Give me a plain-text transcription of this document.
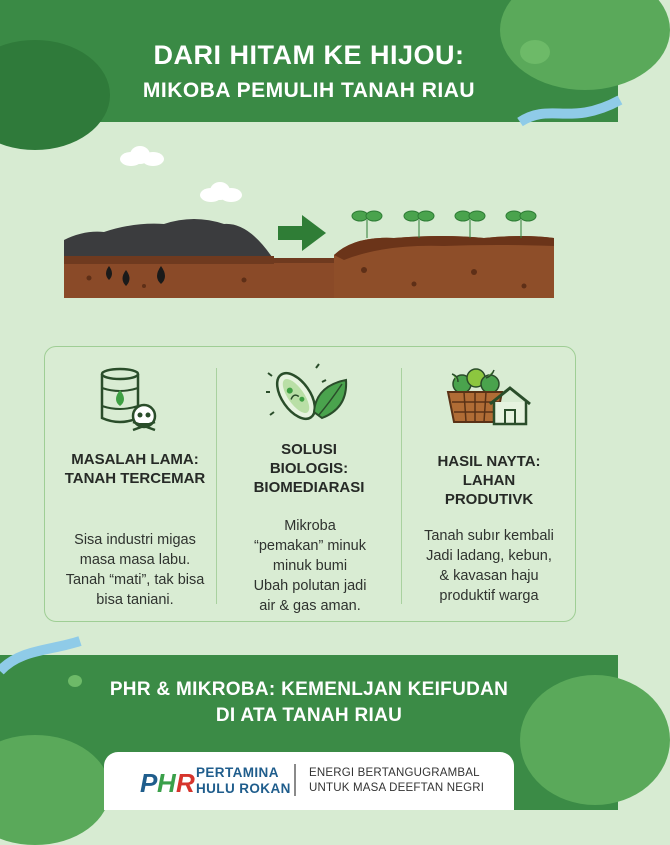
DARI HITAM KE HIJOU:
MIKOBA PEMULIH TANAH RIAU
MASALAH LAMA:
TANAH TERCEMAR
SOLUSI
BIOLOGIS:
BIOMEDIARASI
HASIL NAYTA:
LAHAN
PRODUTIVK
Sisa industri migas
masa masa labu.
Tanah “mati”, tak bisa
bisa taniani.
Mikroba
“pemakan” minuk
minuk bumi
Ubah polutan jadi
air & gas aman.
Tanah subır kembali
Jadi ladang, kebun,
& kavasan haju
produktif warga
PHR & MIKROBA: KEMENLJAN KEIFUDAN
DI ATA TANAH RIAU
P H R PERTAMINA
HULU ROKAN
ENERGI BERTANGUGRAMBAL
UNTUK MASA DEEFTAN NEGRI
